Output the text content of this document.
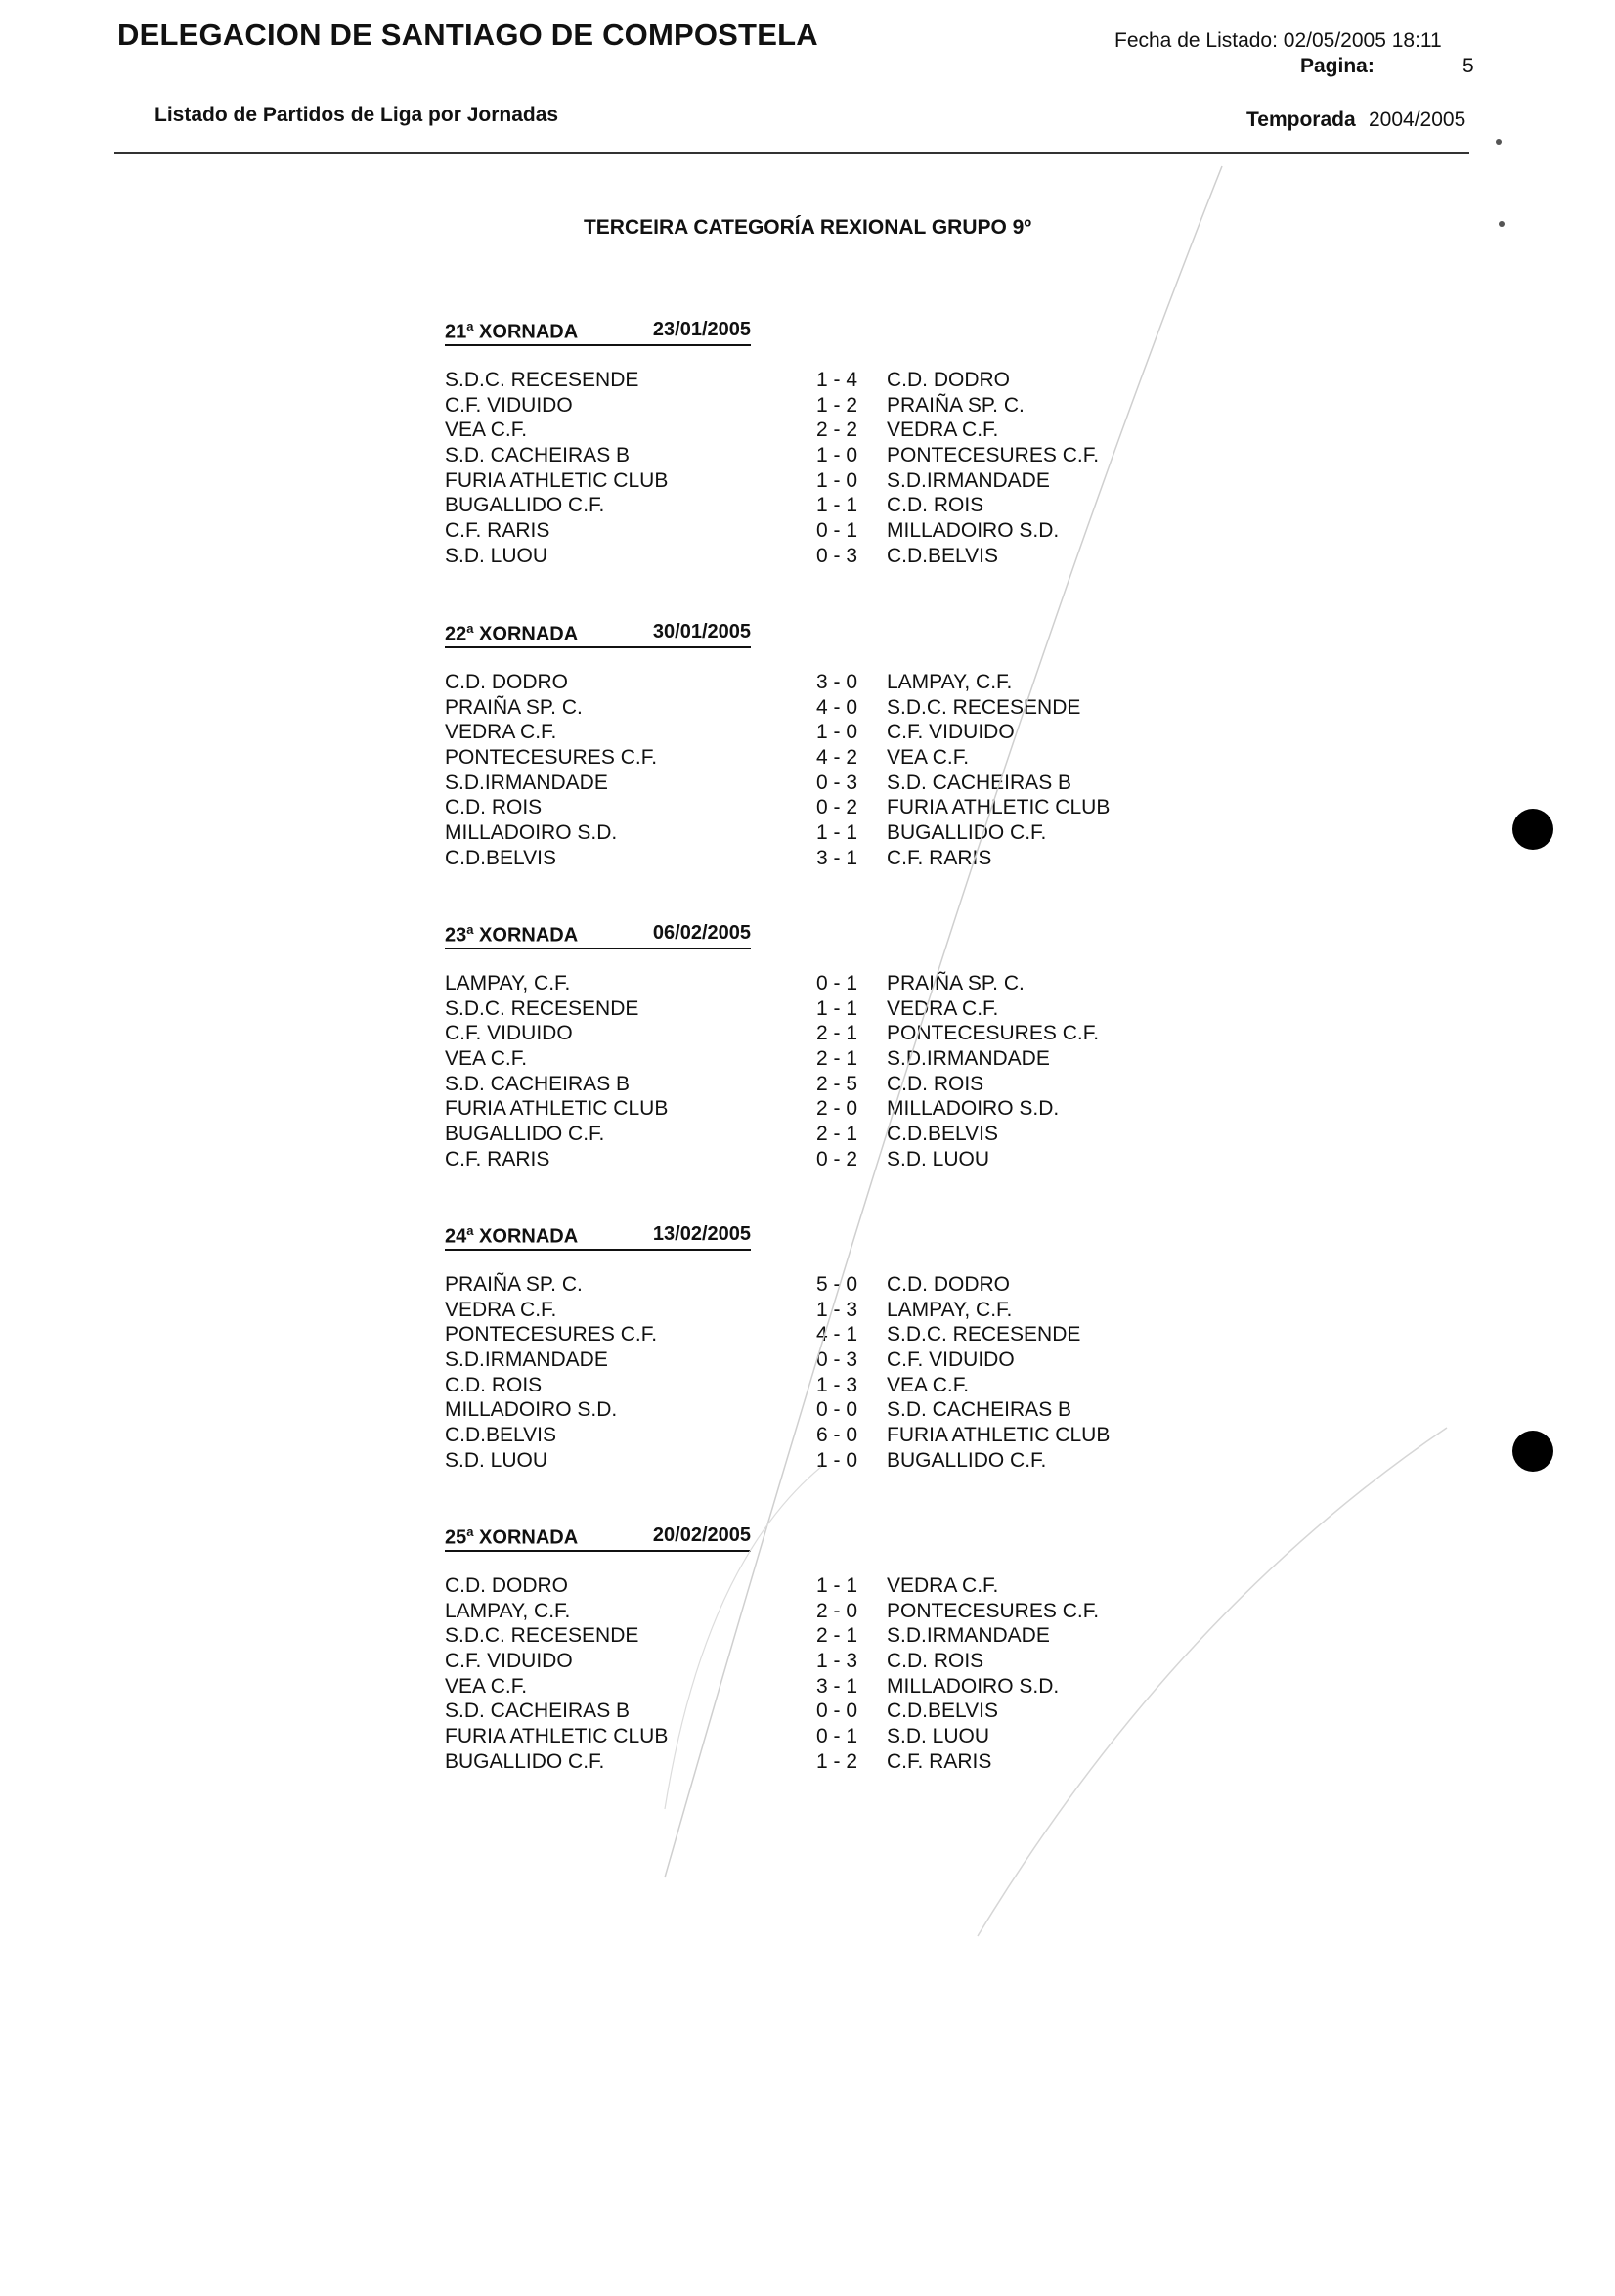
DELEGACION DE SANTIAGO DE COMPOSTELA	Fecha de Listado: 02/05/2005 18:11
Pagina:	5
Listado de Partidos de Liga por Jornadas	Temporada 2004/2005
TERCEIRA CATEGORÍA REXIONAL GRUPO 9º
21$^a$ XORNADA	23/01/2005
S.D.C. RECESENDE	1 - 4 C.D. DODRO
C.F. VIDUIDO	1 - 2 PRAIÑA SP. C.
VEA C.F.	2 - 2 VEDRA C.F.
S.D. CACHEIRAS B	1 - 0 PONTECESURES C.F.
FURIA ATHLETIC CLUB	1 - 0 S.D.IRMANDADE
BUGALLIDO C.F.	1 - 1 C.D. ROIS
C.F. RARIS	0 - 1 MILLADOIRO S.D.
S.D. LUOU	0 - 3 C.D.BELVIS
22$^a$ XORNADA	30/01/2005
C.D. DODRO	3 - 0 LAMPAY, C.F.
PRAIÑA SP. C.	4 - 0 S.D.C. RECESENDE
VEDRA C.F.	1 - 0 C.F. VIDUIDO
PONTECESURES C.F.	4 - 2 VEA C.F.
S.D.IRMANDADE	0 - 3 S.D. CACHEIRAS B
C.D. ROIS	0 - 2 FURIA ATHLETIC CLUB
MILLADOIRO S.D.	1 - 1 BUGALLIDO C.F.
C.D.BELVIS	3 - 1 C.F. RARIS
23$^a$ XORNADA	06/02/2005
LAMPAY, C.F.	0 - 1 PRAIÑA SP. C.
S.D.C. RECESENDE	1 - 1 VEDRA C.F.
C.F. VIDUIDO	2 - 1 PONTECESURES C.F.
VEA C.F.	2 - 1 S.D.IRMANDADE
S.D. CACHEIRAS B	2 - 5 C.D. ROIS
FURIA ATHLETIC CLUB	2 - 0 MILLADOIRO S.D.
BUGALLIDO C.F.	2 - 1 C.D.BELVIS
C.F. RARIS	0 - 2 S.D. LUOU
24$^a$ XORNADA	13/02/2005
PRAIÑA SP. C.	5 - 0 C.D. DODRO
VEDRA C.F.	1 - 3 LAMPAY, C.F.
PONTECESURES C.F.	4 - 1 S.D.C. RECESENDE
S.D.IRMANDADE	0 - 3 C.F. VIDUIDO
C.D. ROIS	1 - 3 VEA C.F.
MILLADOIRO S.D.	0 - 0 S.D. CACHEIRAS B
C.D.BELVIS	6 - 0 FURIA ATHLETIC CLUB
S.D. LUOU	1 - 0 BUGALLIDO C.F.
25$^a$ XORNADA	20/02/2005
C.D. DODRO	1 - 1 VEDRA C.F.
LAMPAY, C.F.	2 - 0 PONTECESURES C.F.
S.D.C. RECESENDE	2 - 1 S.D.IRMANDADE
C.F. VIDUIDO	1 - 3 C.D. ROIS
VEA C.F.	3 - 1 MILLADOIRO S.D.
S.D. CACHEIRAS B	0 - 0 C.D.BELVIS
FURIA ATHLETIC CLUB	0 - 1 S.D. LUOU
BUGALLIDO C.F.	1 - 2 C.F. RARIS
